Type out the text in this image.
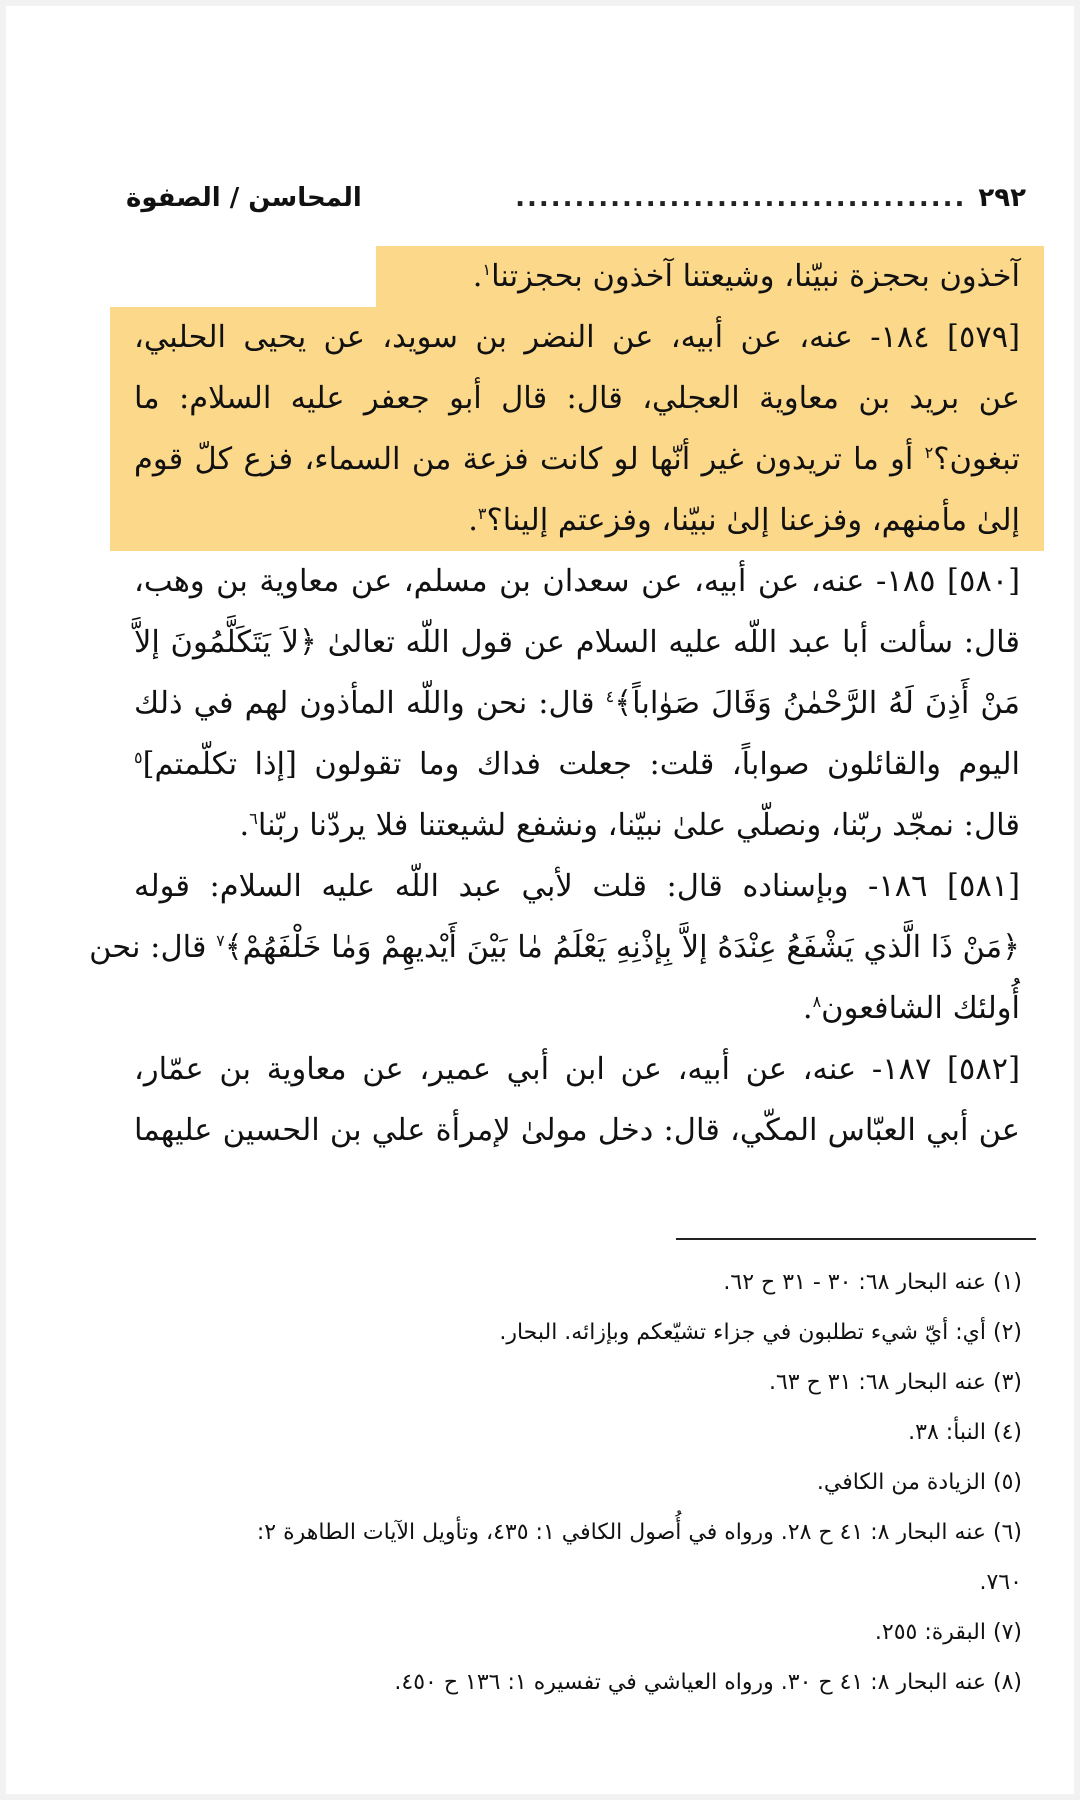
٢٩٢
......................................
المحاسن / الصفوة
آخذون بحجزة نبيّنا، وشيعتنا آخذون بحجزتنا$^١$.
[٥٧٩] ١٨٤- عنه، عن أبيه، عن النضر بن سويد، عن يحيى الحلبي،
عن بريد بن معاوية العجلي، قال: قال أبو جعفر عليه السلام: ما
تبغون؟$^٢$ أو ما تريدون غير أنّها لو كانت فزعة من السماء، فزع كلّ قوم
إلىٰ مأمنهم، وفزعنا إلىٰ نبيّنا، وفزعتم إلينا؟$^٣$.
[٥٨٠] ١٨٥- عنه، عن أبيه، عن سعدان بن مسلم، عن معاوية بن وهب،
قال: سألت أبا عبد اللّه عليه السلام عن قول اللّه تعالىٰ ﴿لاَ يَتَكَلَّمُونَ إلاَّ
مَنْ أَذِنَ لَهُ الرَّحْمٰنُ وَقَالَ صَوٰاباً﴾$^٤$ قال: نحن واللّه المأذون لهم في ذلك
اليوم والقائلون صواباً، قلت: جعلت فداك وما تقولون [إذا تكلّمتم]$^٥$
قال: نمجّد ربّنا، ونصلّي علىٰ نبيّنا، ونشفع لشيعتنا فلا يردّنا ربّنا$^٦$.
[٥٨١] ١٨٦- وبإسناده قال: قلت لأبي عبد اللّه عليه السلام: قوله
﴿مَنْ ذَا الَّذي يَشْفَعُ عِنْدَهُ إلاَّ بِإذْنِهِ يَعْلَمُ مٰا بَيْنَ أَيْديهِمْ وَمٰا خَلْفَهُمْ﴾$^٧$ قال: نحن
أُولئك الشافعون$^٨$.
[٥٨٢] ١٨٧- عنه، عن أبيه، عن ابن أبي عمير، عن معاوية بن عمّار،
عن أبي العبّاس المكّي، قال: دخل مولىٰ لإمرأة علي بن الحسين عليهما
(١) عنه البحار ٦٨: ٣٠ - ٣١ ح ٦٢.
(٢) أي: أيّ شيء تطلبون في جزاء تشيّعكم وبإزائه. البحار.
(٣) عنه البحار ٦٨: ٣١ ح ٦٣.
(٤) النبأ: ٣٨.
(٥) الزيادة من الكافي.
(٦) عنه البحار ٨: ٤١ ح ٢٨. ورواه في أُصول الكافي ١: ٤٣٥، وتأويل الآيات الطاهرة ٢:
٧٦٠.
(٧) البقرة: ٢٥٥.
(٨) عنه البحار ٨: ٤١ ح ٣٠. ورواه العياشي في تفسيره ١: ١٣٦ ح ٤٥٠.
